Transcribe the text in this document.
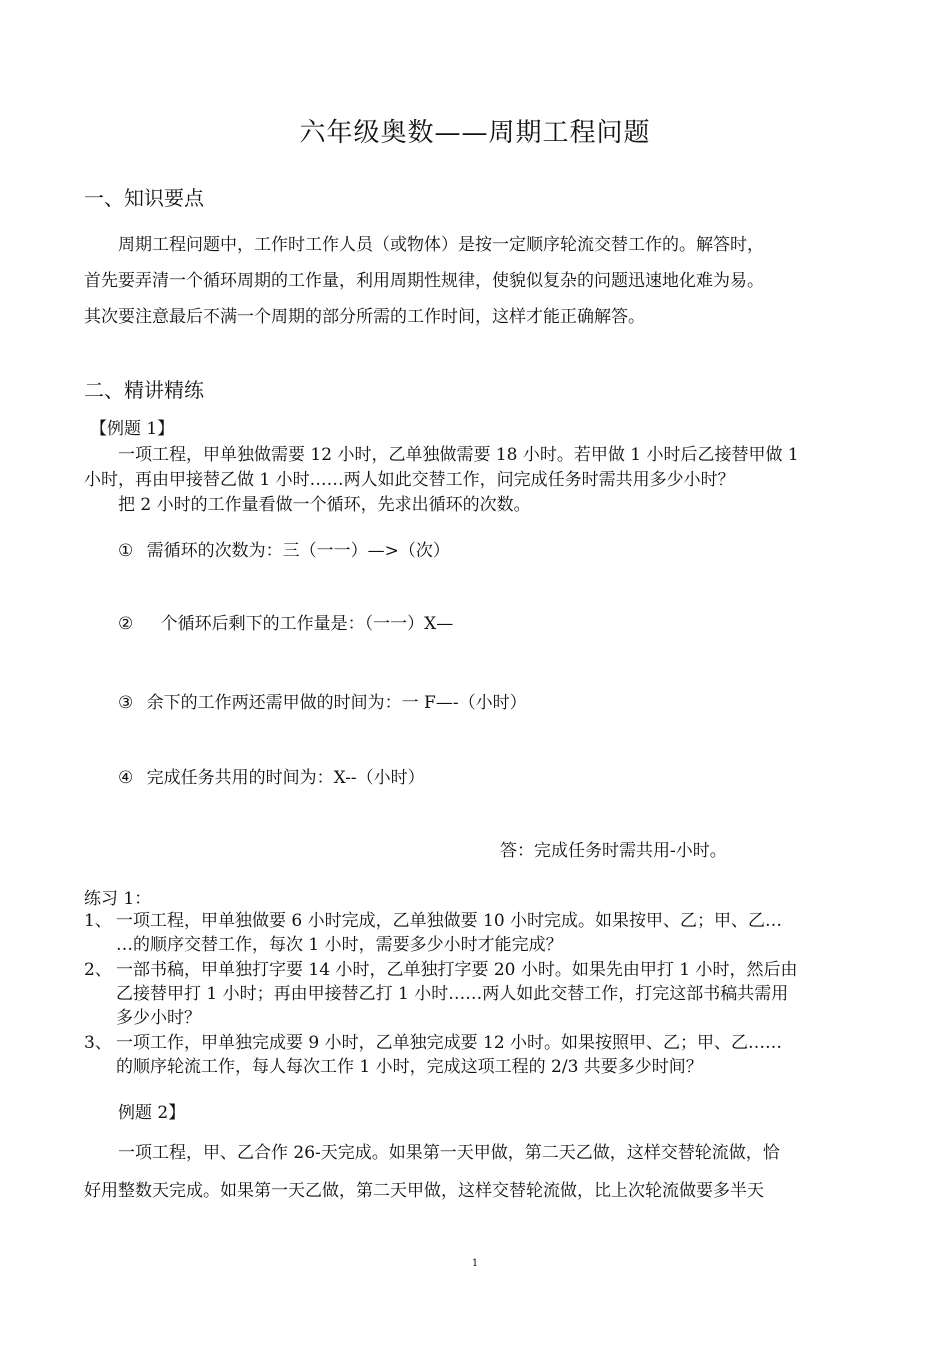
六年级奥数——周期工程问题
一、知识要点
周期工程问题中，工作时工作人员（或物体）是按一定顺序轮流交替工作的。解答时，
首先要弄清一个循环周期的工作量，利用周期性规律，使貌似复杂的问题迅速地化难为易。
其次要注意最后不满一个周期的部分所需的工作时间，这样才能正确解答。
二、精讲精练
【例题 1】
一项工程，甲单独做需要 12 小时，乙单独做需要 18 小时。若甲做 1 小时后乙接替甲做 1
小时，再由甲接替乙做 1 小时……两人如此交替工作，问完成任务时需共用多少小时？
把 2 小时的工作量看做一个循环，先求出循环的次数。
① 需循环的次数为：三（一一）—>（次）
② 个循环后剩下的工作量是：（一一）X—
③ 余下的工作两还需甲做的时间为：一 F—-（小时）
④ 完成任务共用的时间为：X--（小时）
答：完成任务时需共用-小时。
练习 1：
1、 一项工程，甲单独做要 6 小时完成，乙单独做要 10 小时完成。如果按甲、乙；甲、乙…
…的顺序交替工作，每次 1 小时，需要多少小时才能完成？
2、 一部书稿，甲单独打字要 14 小时，乙单独打字要 20 小时。如果先由甲打 1 小时，然后由
乙接替甲打 1 小时；再由甲接替乙打 1 小时……两人如此交替工作，打完这部书稿共需用
多少小时？
3、 一项工作，甲单独完成要 9 小时，乙单独完成要 12 小时。如果按照甲、乙；甲、乙……
的顺序轮流工作，每人每次工作 1 小时，完成这项工程的 2/3 共要多少时间？
例题 2】
一项工程，甲、乙合作 26-天完成。如果第一天甲做，第二天乙做，这样交替轮流做，恰
好用整数天完成。如果第一天乙做，第二天甲做，这样交替轮流做，比上次轮流做要多半天
1
